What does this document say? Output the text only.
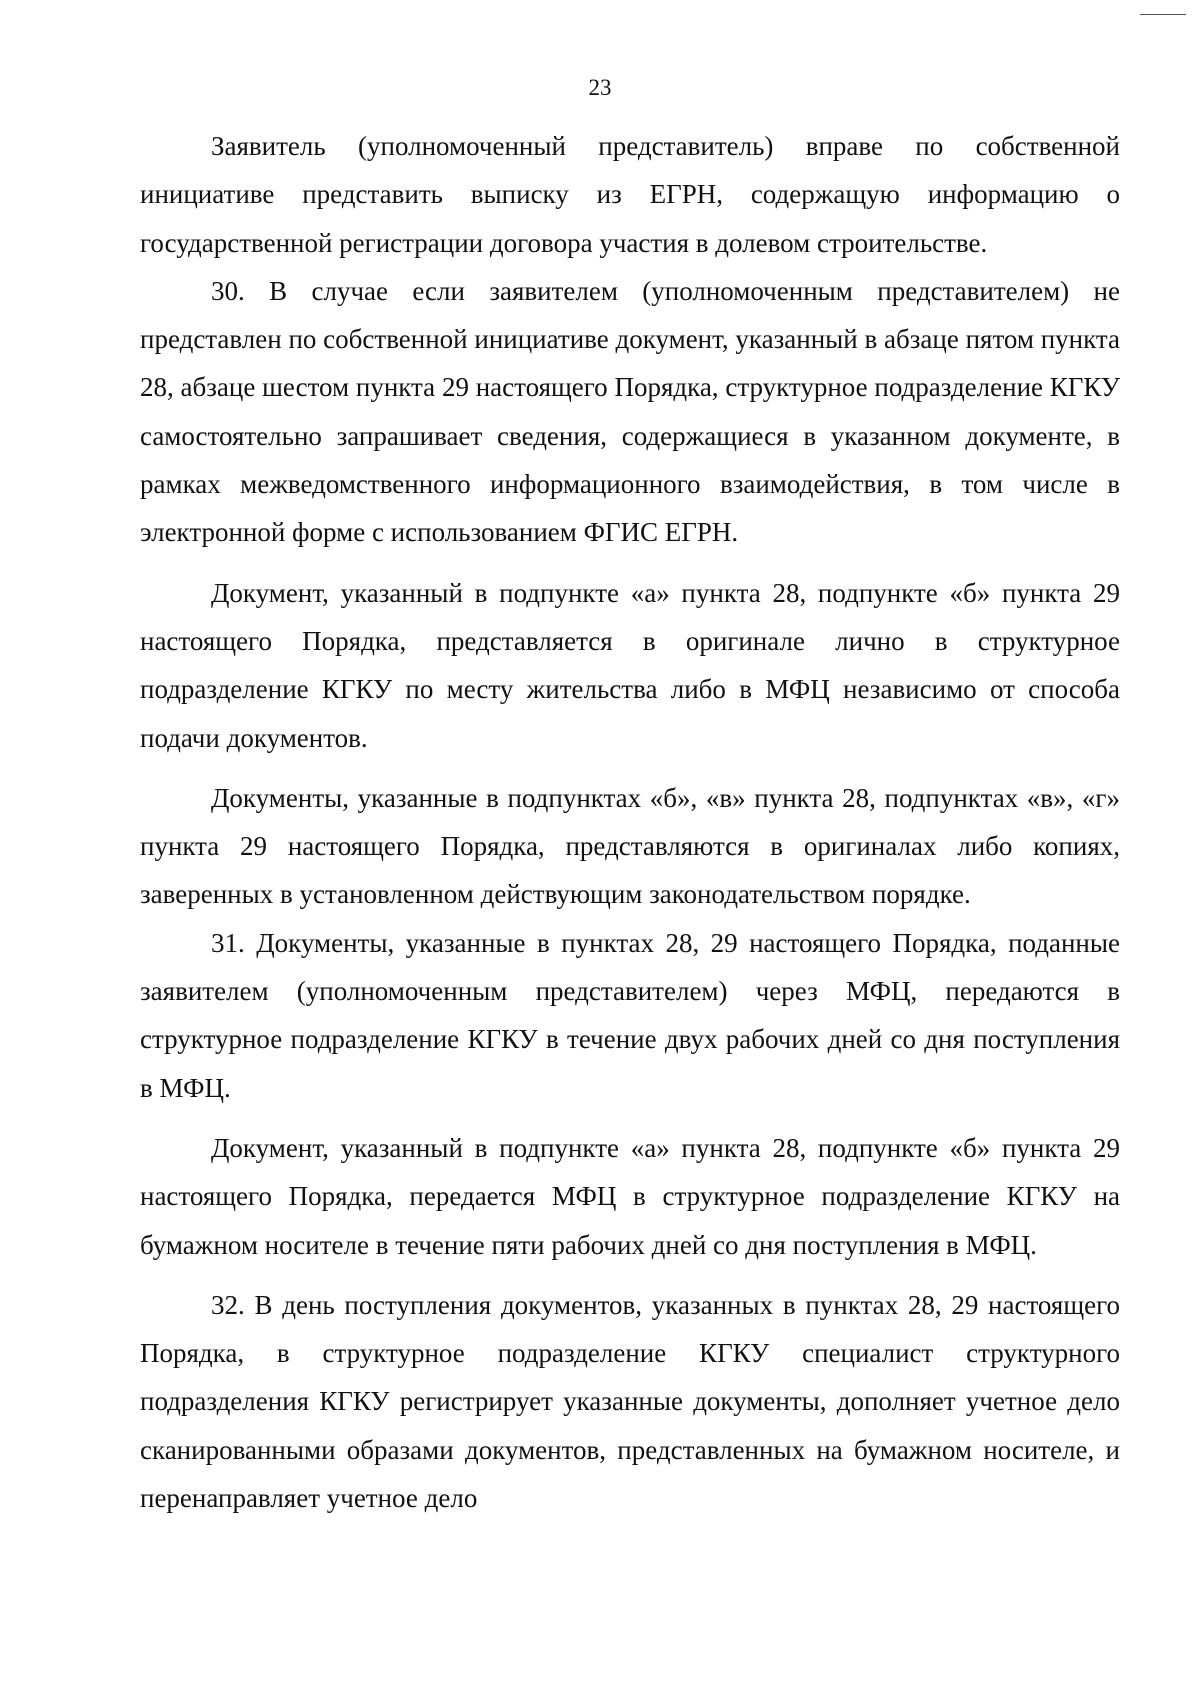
23

Заявитель (уполномоченный представитель) вправе по собственной инициативе представить выписку из ЕГРН, содержащую информацию о государственной регистрации договора участия в долевом строительстве.

30. В случае если заявителем (уполномоченным представителем) не представлен по собственной инициативе документ, указанный в абзаце пятом пункта 28, абзаце шестом пункта 29 настоящего Порядка, структурное подразделение КГКУ самостоятельно запрашивает сведения, содержащиеся в указанном документе, в рамках межведомственного информационного взаимодействия, в том числе в электронной форме с использованием ФГИС ЕГРН.

Документ, указанный в подпункте «а» пункта 28, подпункте «б» пункта 29 настоящего Порядка, представляется в оригинале лично в структурное подразделение КГКУ по месту жительства либо в МФЦ независимо от способа подачи документов.

Документы, указанные в подпунктах «б», «в» пункта 28, подпунктах «в», «г» пункта 29 настоящего Порядка, представляются в оригиналах либо копиях, заверенных в установленном действующим законодательством порядке.

31. Документы, указанные в пунктах 28, 29 настоящего Порядка, поданные заявителем (уполномоченным представителем) через МФЦ, передаются в структурное подразделение КГКУ в течение двух рабочих дней со дня поступления в МФЦ.

Документ, указанный в подпункте «а» пункта 28, подпункте «б» пункта 29 настоящего Порядка, передается МФЦ в структурное подразделение КГКУ на бумажном носителе в течение пяти рабочих дней со дня поступления в МФЦ.

32. В день поступления документов, указанных в пунктах 28, 29 настоящего Порядка, в структурное подразделение КГКУ специалист структурного подразделения КГКУ регистрирует указанные документы, дополняет учетное дело сканированными образами документов, представленных на бумажном носителе, и перенаправляет учетное дело
